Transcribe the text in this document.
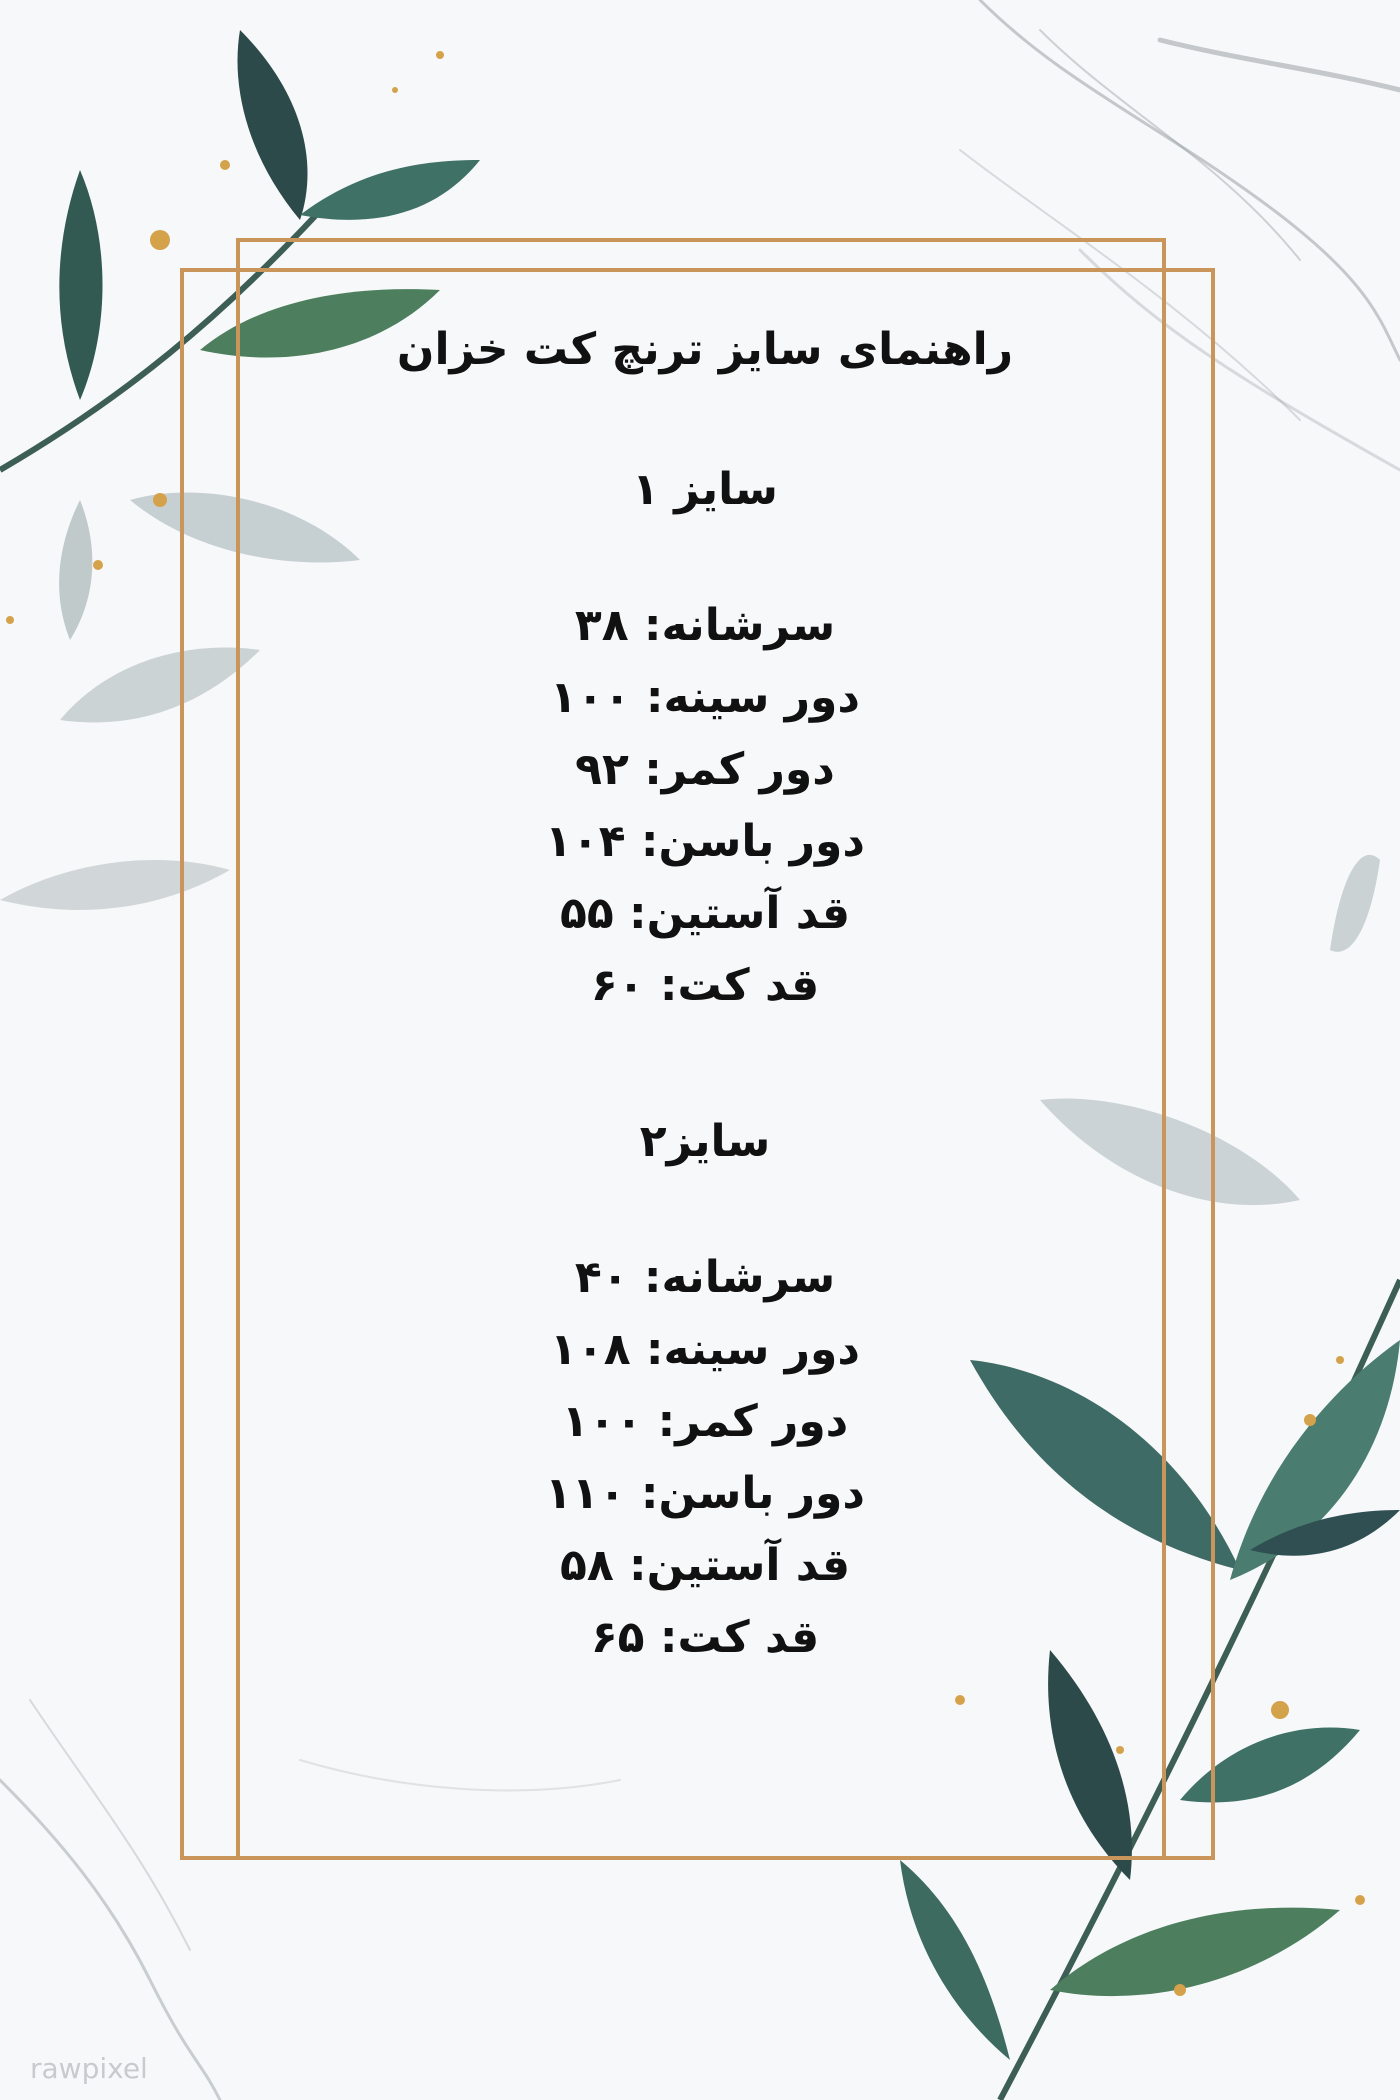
راهنمای سایز ترنچ کت خزان

سایز ۱

سرشانه: ۳۸

دور سینه: ۱۰۰

دور کمر: ۹۲

دور باسن: ۱۰۴

قد آستین: ۵۵

قد کت: ۶۰

سایز۲

سرشانه: ۴۰

دور سینه: ۱۰۸

دور کمر: ۱۰۰

دور باسن: ۱۱۰

قد آستین: ۵۸

قد کت: ۶۵

rawpixel
